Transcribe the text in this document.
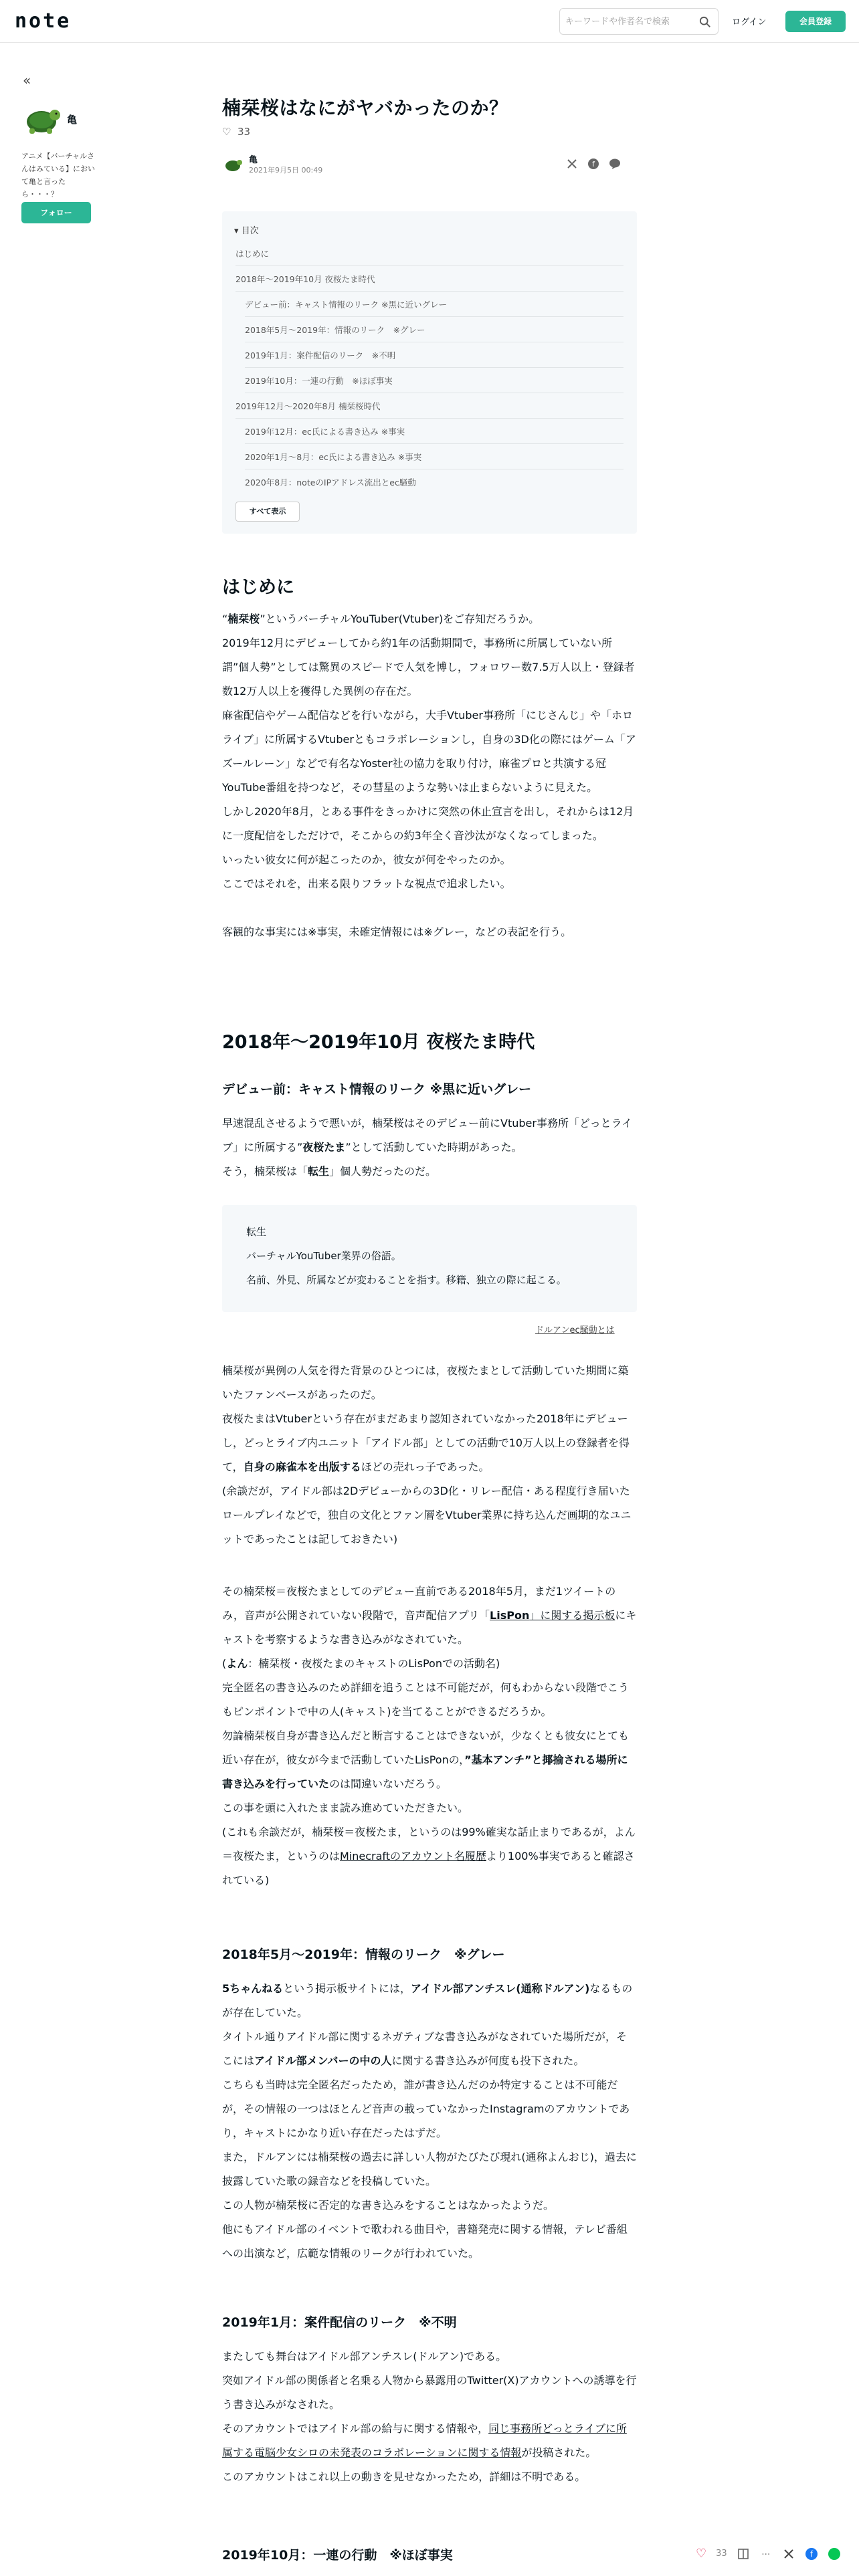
note
キーワードや作者名で検索	ログイン	会員登録
«
亀
アニメ【バーチャルさんはみている】において亀と言ったら・・・？
フォロー
楠栞桜はなにがヤバかったのか？
♡ 33
亀
2021年9月5日 00:49
f
▾ 目次
はじめに
2018年〜2019年10月 夜桜たま時代
デビュー前：キャスト情報のリーク ※黒に近いグレー
2018年5月〜2019年：情報のリーク　※グレー
2019年1月：案件配信のリーク　※不明
2019年10月：一連の行動　※ほぼ事実
2019年12月〜2020年8月 楠栞桜時代
2019年12月：ec氏による書き込み ※事実
2020年1月〜8月：ec氏による書き込み ※事実
2020年8月：noteのIPアドレス流出とec騒動
すべて表示
はじめに
“楠栞桜”というバーチャルYouTuber(Vtuber)をご存知だろうか。
2019年12月にデビューしてから約1年の活動期間で，事務所に所属していない所謂”個人勢”としては驚異のスピードで人気を博し，フォロワー数7.5万人以上・登録者数12万人以上を獲得した異例の存在だ。
麻雀配信やゲーム配信などを行いながら，大手Vtuber事務所「にじさんじ」や「ホロライブ」に所属するVtuberともコラボレーションし，自身の3D化の際にはゲーム「アズールレーン」などで有名なYoster社の協力を取り付け，麻雀プロと共演する冠YouTube番組を持つなど，その彗星のような勢いは止まらないように見えた。
しかし2020年8月，とある事件をきっかけに突然の休止宣言を出し，それからは12月に一度配信をしただけで，そこからの約3年全く音沙汰がなくなってしまった。
いったい彼女に何が起こったのか，彼女が何をやったのか。
ここではそれを，出来る限りフラットな視点で追求したい。
客観的な事実には※事実，未確定情報には※グレー，などの表記を行う。
2018年〜2019年10月 夜桜たま時代
デビュー前：キャスト情報のリーク ※黒に近いグレー
早速混乱させるようで悪いが，楠栞桜はそのデビュー前にVtuber事務所「どっとライブ」に所属する”夜桜たま”として活動していた時期があった。
そう，楠栞桜は「転生」個人勢だったのだ。
転生
バーチャルYouTuber業界の俗語。
名前、外見、所属などが変わることを指す。移籍、独立の際に起こる。
ドルアンec騒動とは
楠栞桜が異例の人気を得た背景のひとつには，夜桜たまとして活動していた期間に築いたファンベースがあったのだ。
夜桜たまはVtuberという存在がまだあまり認知されていなかった2018年にデビューし，どっとライブ内ユニット「アイドル部」としての活動で10万人以上の登録者を得て，自身の麻雀本を出版するほどの売れっ子であった。
(余談だが，アイドル部は2Dデビューからの3D化・リレー配信・ある程度行き届いたロールプレイなどで，独自の文化とファン層をVtuber業界に持ち込んだ画期的なユニットであったことは記しておきたい)
その楠栞桜＝夜桜たまとしてのデビュー直前である2018年5月，まだ1ツイートのみ，音声が公開されていない段階で，音声配信アプリ「LisPon」に関する掲示板にキャストを考察するような書き込みがなされていた。
(よん：楠栞桜・夜桜たまのキャストのLisPonでの活動名)
完全匿名の書き込みのため詳細を追うことは不可能だが，何もわからない段階でこうもピンポイントで中の人(キャスト)を当てることができるだろうか。
勿論楠栞桜自身が書き込んだと断言することはできないが，少なくとも彼女にとても近い存在が，彼女が今まで活動していたLisPonの，”基本アンチ”と揶揄される場所に書き込みを行っていたのは間違いないだろう。
この事を頭に入れたまま読み進めていただきたい。
(これも余談だが，楠栞桜＝夜桜たま，というのは99%確実な話止まりであるが，よん＝夜桜たま，というのはMinecraftのアカウント名履歴より100%事実であると確認されている)
2018年5月〜2019年：情報のリーク　※グレー
5ちゃんねるという掲示板サイトには，アイドル部アンチスレ(通称ドルアン)なるものが存在していた。
タイトル通りアイドル部に関するネガティブな書き込みがなされていた場所だが，そこにはアイドル部メンバーの中の人に関する書き込みが何度も投下された。
こちらも当時は完全匿名だったため，誰が書き込んだのか特定することは不可能だが，その情報の一つはほとんど音声の載っていなかったInstagramのアカウントであり，キャストにかなり近い存在だったはずだ。
また，ドルアンには楠栞桜の過去に詳しい人物がたびたび現れ(通称よんおじ)，過去に披露していた歌の録音などを投稿していた。
この人物が楠栞桜に否定的な書き込みをすることはなかったようだ。
他にもアイドル部のイベントで歌われる曲目や，書籍発売に関する情報，テレビ番組への出演など，広範な情報のリークが行われていた。
2019年1月：案件配信のリーク　※不明
またしても舞台はアイドル部アンチスレ(ドルアン)である。
突如アイドル部の関係者と名乗る人物から暴露用のTwitter(X)アカウントへの誘導を行う書き込みがなされた。
そのアカウントではアイドル部の給与に関する情報や，同じ事務所どっとライブに所属する電脳少女シロの未発表のコラボレーションに関する情報が投稿された。
このアカウントはこれ以上の動きを見せなかったため，詳細は不明である。
2019年10月：一連の行動　※ほぼ事実	♡ 33	…	f
